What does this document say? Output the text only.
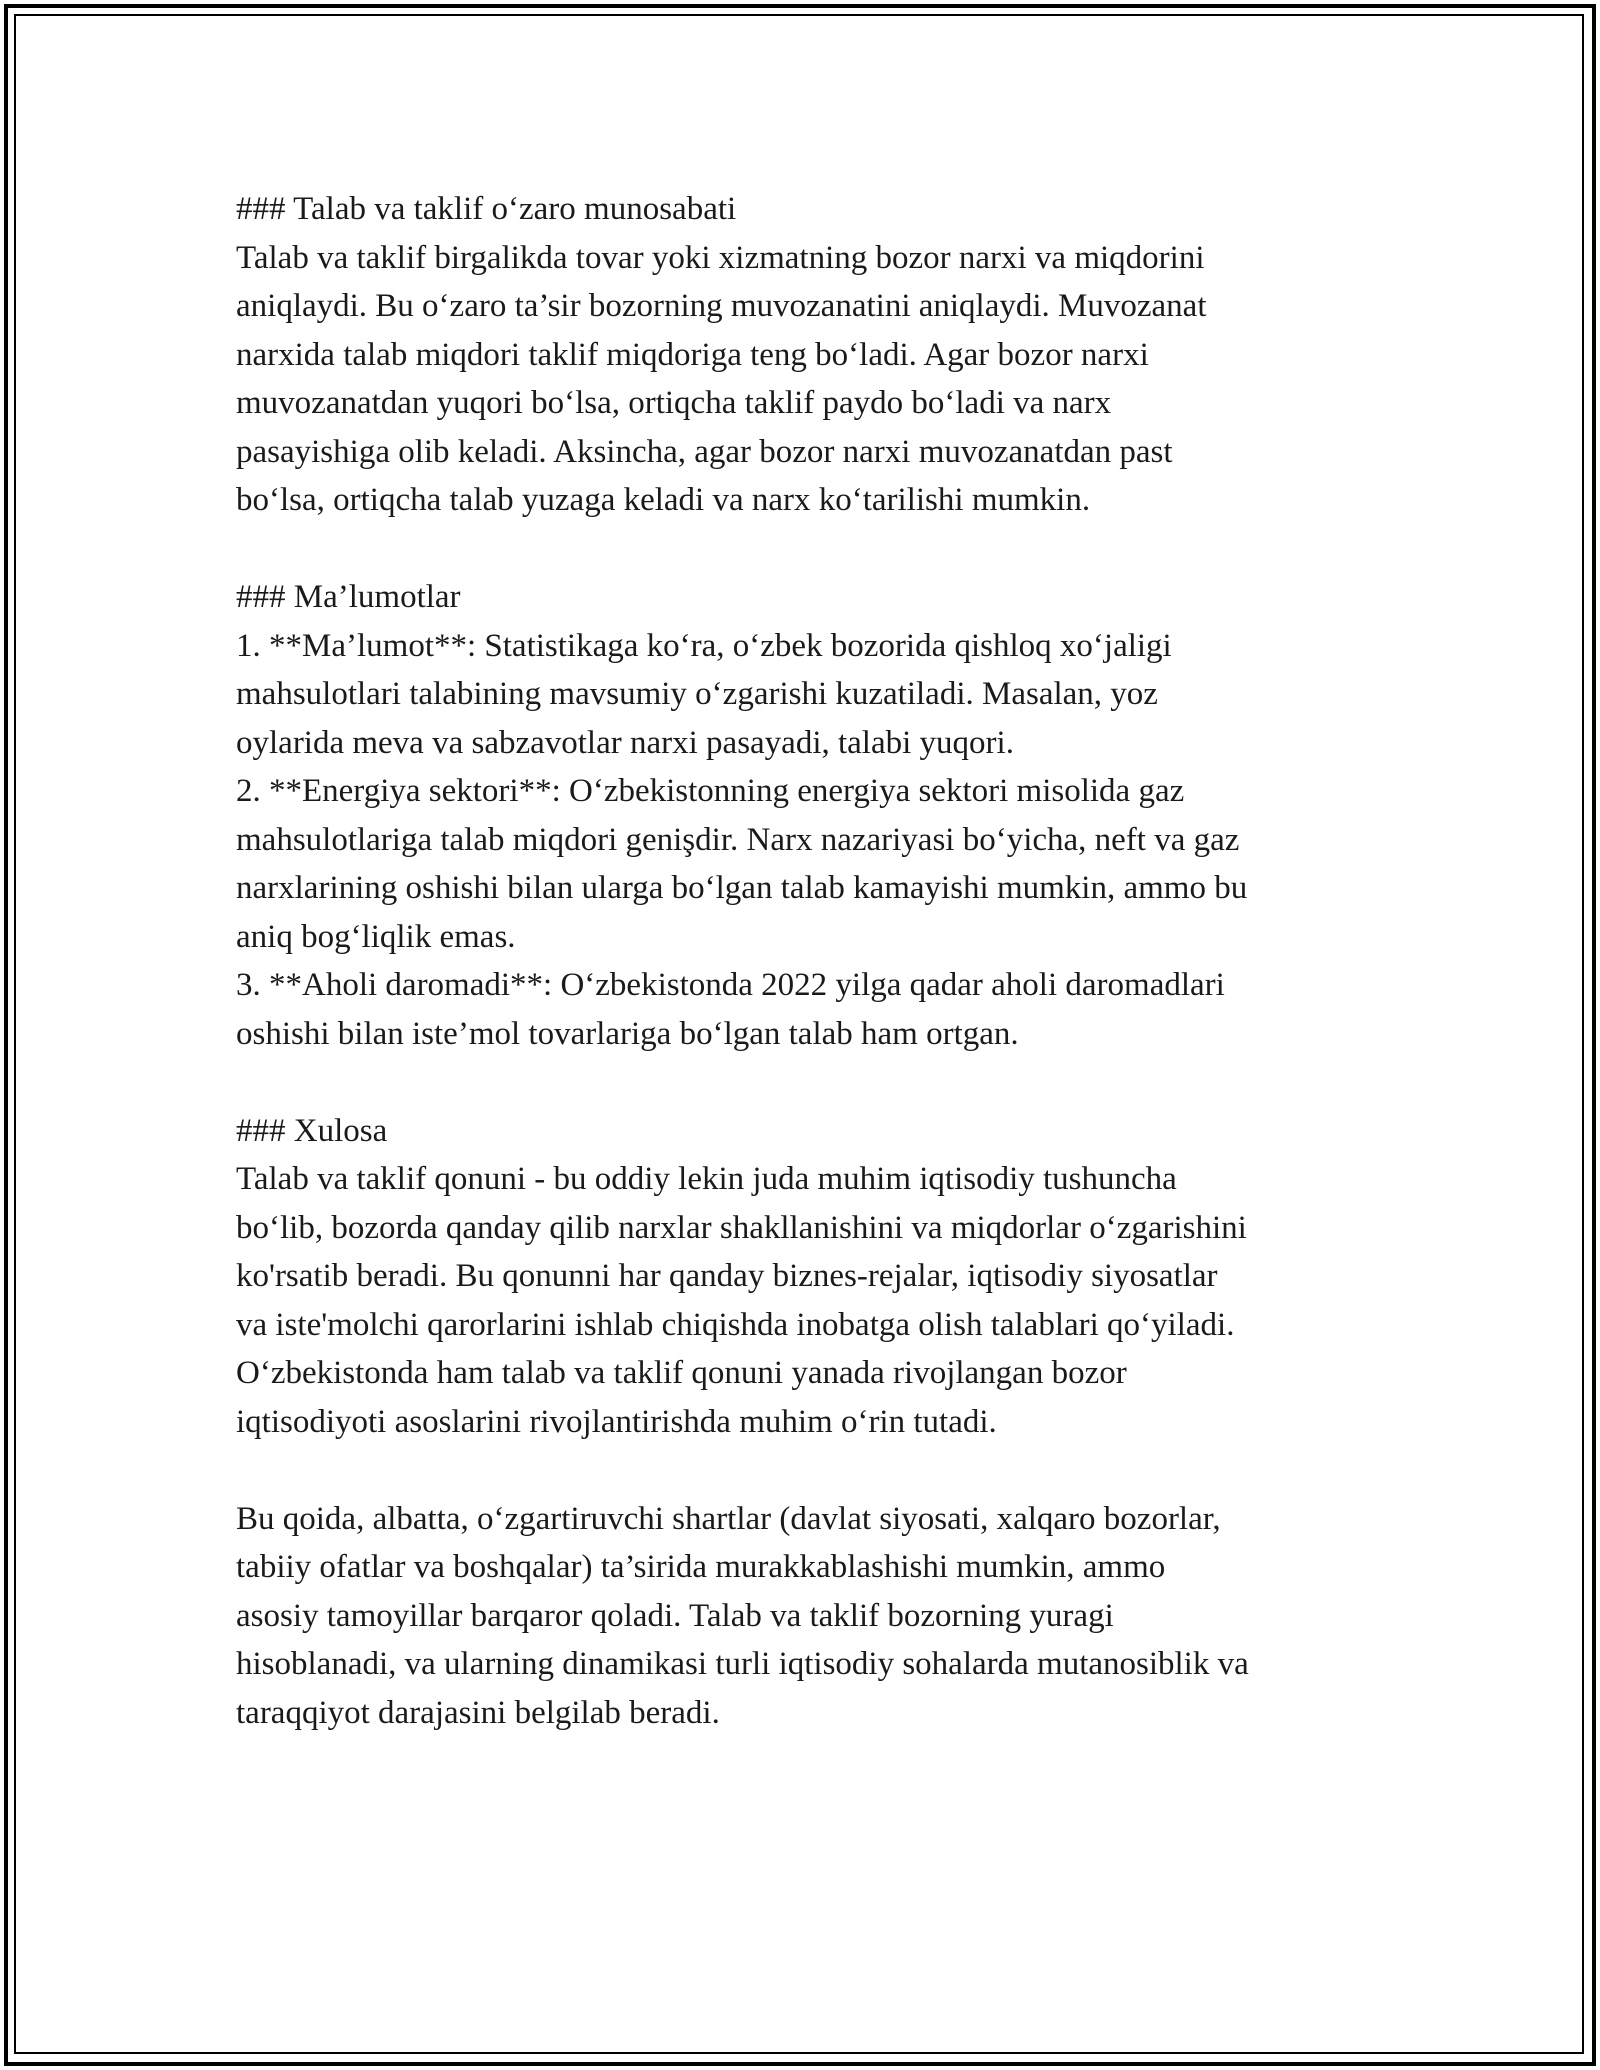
### Talab va taklif o‘zaro munosabati
Talab va taklif birgalikda tovar yoki xizmatning bozor narxi va miqdorini
aniqlaydi. Bu o‘zaro ta’sir bozorning muvozanatini aniqlaydi. Muvozanat
narxida talab miqdori taklif miqdoriga teng bo‘ladi. Agar bozor narxi
muvozanatdan yuqori bo‘lsa, ortiqcha taklif paydo bo‘ladi va narx
pasayishiga olib keladi. Aksincha, agar bozor narxi muvozanatdan past
bo‘lsa, ortiqcha talab yuzaga keladi va narx ko‘tarilishi mumkin.
### Ma’lumotlar
1. **Ma’lumot**: Statistikaga ko‘ra, o‘zbek bozorida qishloq xo‘jaligi
mahsulotlari talabining mavsumiy o‘zgarishi kuzatiladi. Masalan, yoz
oylarida meva va sabzavotlar narxi pasayadi, talabi yuqori.
2. **Energiya sektori**: O‘zbekistonning energiya sektori misolida gaz
mahsulotlariga talab miqdori genişdir. Narx nazariyasi bo‘yicha, neft va gaz
narxlarining oshishi bilan ularga bo‘lgan talab kamayishi mumkin, ammo bu
aniq bog‘liqlik emas.
3. **Aholi daromadi**: O‘zbekistonda 2022 yilga qadar aholi daromadlari
oshishi bilan iste’mol tovarlariga bo‘lgan talab ham ortgan.
### Xulosa
Talab va taklif qonuni - bu oddiy lekin juda muhim iqtisodiy tushuncha
bo‘lib, bozorda qanday qilib narxlar shakllanishini va miqdorlar o‘zgarishini
ko'rsatib beradi. Bu qonunni har qanday biznes-rejalar, iqtisodiy siyosatlar
va iste'molchi qarorlarini ishlab chiqishda inobatga olish talablari qo‘yiladi.
O‘zbekistonda ham talab va taklif qonuni yanada rivojlangan bozor
iqtisodiyoti asoslarini rivojlantirishda muhim o‘rin tutadi.
Bu qoida, albatta, o‘zgartiruvchi shartlar (davlat siyosati, xalqaro bozorlar,
tabiiy ofatlar va boshqalar) ta’sirida murakkablashishi mumkin, ammo
asosiy tamoyillar barqaror qoladi. Talab va taklif bozorning yuragi
hisoblanadi, va ularning dinamikasi turli iqtisodiy sohalarda mutanosiblik va
taraqqiyot darajasini belgilab beradi.
